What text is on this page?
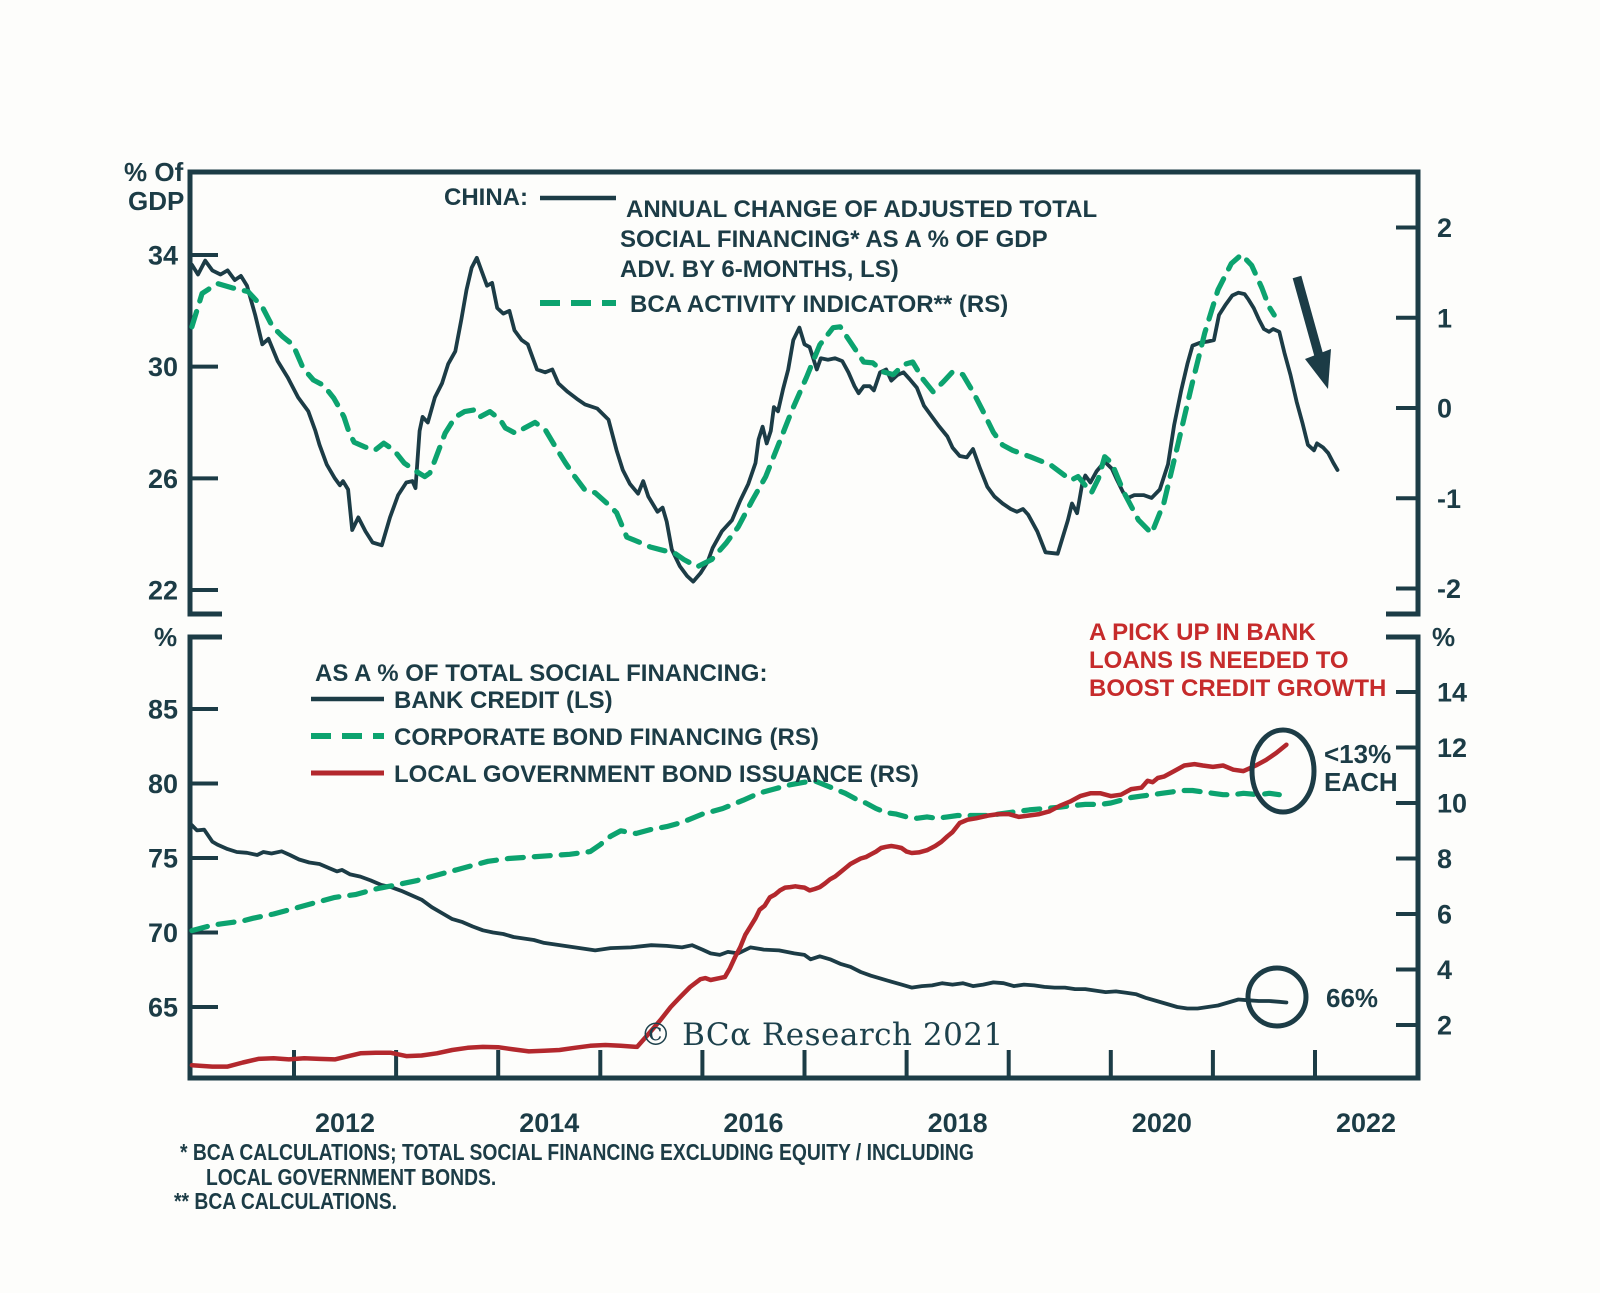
34
30
26
22
2
1
0
-1
-2
85
80
75
70
65
14
12
10
8
6
4
2
2012	2014	2016	2018	2020	2022
% Of
GDP
%	%
CHINA:	ANNUAL CHANGE OF ADJUSTED TOTAL
SOCIAL FINANCING* AS A % OF GDP
ADV. BY 6-MONTHS, LS)
BCA ACTIVITY INDICATOR** (RS)
AS A % OF TOTAL SOCIAL FINANCING:
BANK CREDIT (LS)
CORPORATE BOND FINANCING (RS)
LOCAL GOVERNMENT BOND ISSUANCE (RS)
A PICK UP IN BANK
LOANS IS NEEDED TO
BOOST CREDIT GROWTH
<13%
EACH
66%
© BCα Research 2021
* BCA CALCULATIONS; TOTAL SOCIAL FINANCING EXCLUDING EQUITY / INCLUDING
LOCAL GOVERNMENT BONDS.
** BCA CALCULATIONS.
